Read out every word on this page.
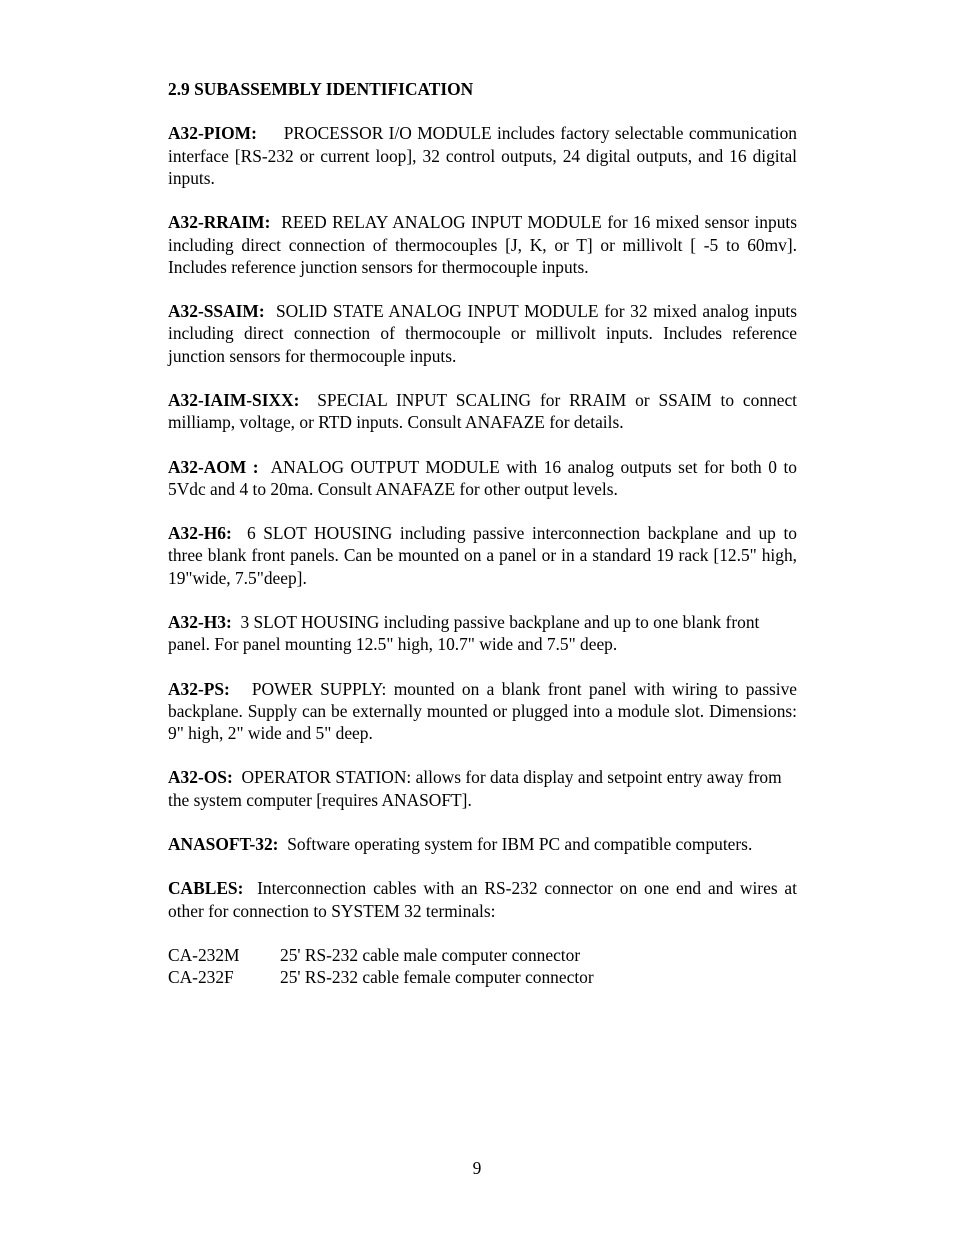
2.9 SUBASSEMBLY IDENTIFICATION
A32-PIOM: PROCESSOR I/O MODULE includes factory selectable communication interface [RS-232 or current loop], 32 control outputs, 24 digital outputs, and 16 digital inputs.
A32-RRAIM: REED RELAY ANALOG INPUT MODULE for 16 mixed sensor inputs including direct connection of thermocouples [J, K, or T] or millivolt [ -5 to 60mv]. Includes reference junction sensors for thermocouple inputs.
A32-SSAIM: SOLID STATE ANALOG INPUT MODULE for 32 mixed analog inputs including direct connection of thermocouple or millivolt inputs. Includes reference junction sensors for thermocouple inputs.
A32-IAIM-SIXX: SPECIAL INPUT SCALING for RRAIM or SSAIM to connect milliamp, voltage, or RTD inputs. Consult ANAFAZE for details.
A32-AOM : ANALOG OUTPUT MODULE with 16 analog outputs set for both 0 to 5Vdc and 4 to 20ma. Consult ANAFAZE for other output levels.
A32-H6: 6 SLOT HOUSING including passive interconnection backplane and up to three blank front panels. Can be mounted on a panel or in a standard 19 rack [12.5" high, 19"wide, 7.5"deep].
A32-H3: 3 SLOT HOUSING including passive backplane and up to one blank front panel. For panel mounting 12.5" high, 10.7" wide and 7.5" deep.
A32-PS: POWER SUPPLY: mounted on a blank front panel with wiring to passive backplane. Supply can be externally mounted or plugged into a module slot. Dimensions: 9" high, 2" wide and 5" deep.
A32-OS: OPERATOR STATION: allows for data display and setpoint entry away from the system computer [requires ANASOFT].
ANASOFT-32: Software operating system for IBM PC and compatible computers.
CABLES: Interconnection cables with an RS-232 connector on one end and wires at other for connection to SYSTEM 32 terminals:
CA-232M	25' RS-232 cable male computer connector
CA-232F	25' RS-232 cable female computer connector
9
